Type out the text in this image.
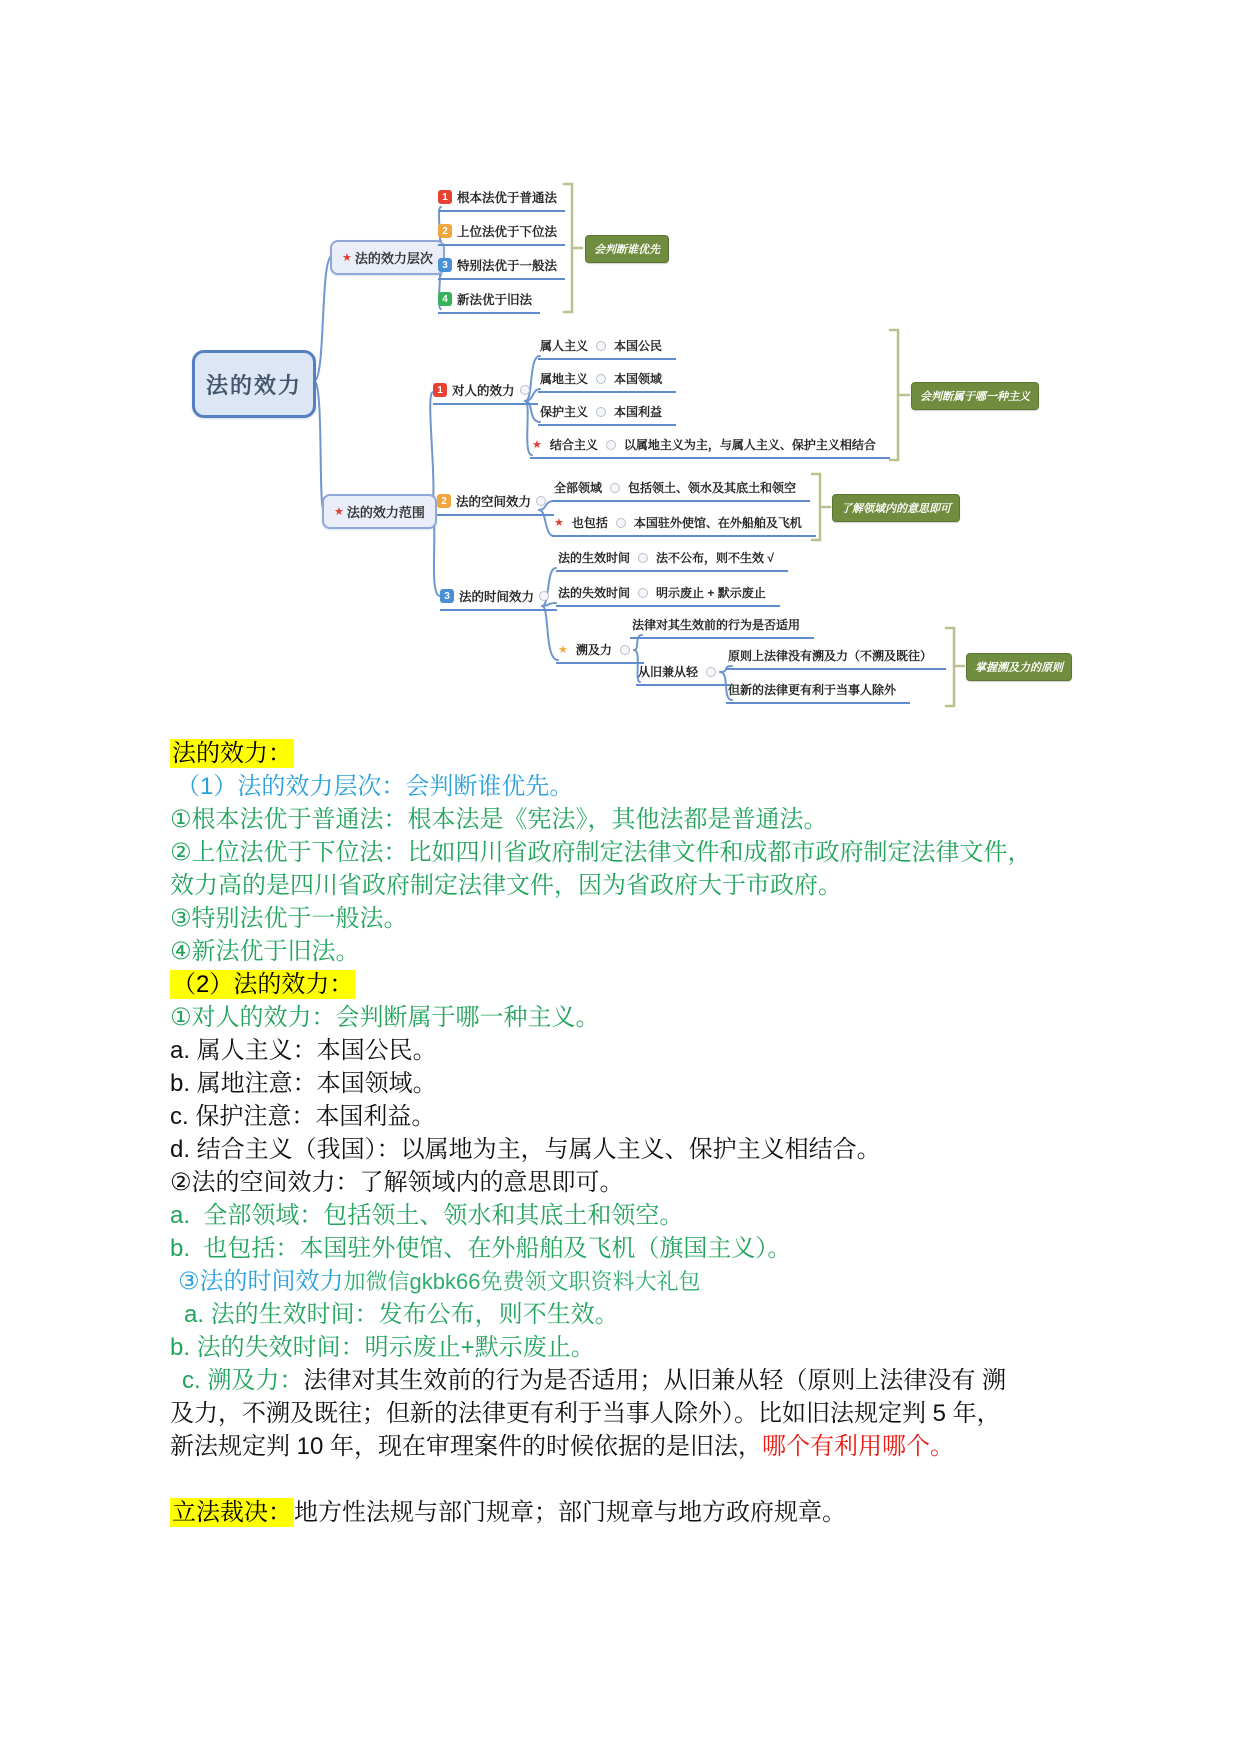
法的效力
★ 法的效力层次
1 根本法优于普通法
2 上位法优于下位法
3 特别法优于一般法
4 新法优于旧法
会判断谁优先
★ 法的效力范围
1 对人的效力
属人主义 本国公民
属地主义 本国领域
保护主义 本国利益
★ 结合主义 以属地主义为主，与属人主义、保护主义相结合
会判断属于哪一种主义
2 法的空间效力
全部领域 包括领土、领水及其底土和领空
★ 也包括 本国驻外使馆、在外船舶及飞机
了解领域内的意思即可
3 法的时间效力
法的生效时间 法不公布，则不生效 √
法的失效时间 明示废止 + 默示废止
★ 溯及力
法律对其生效前的行为是否适用
从旧兼从轻
原则上法律没有溯及力（不溯及既往）
但新的法律更有利于当事人除外
掌握溯及力的原则
法的效力：
（1）法的效力层次：会判断谁优先。
①根本法优于普通法：根本法是《宪法》，其他法都是普通法。
②上位法优于下位法：比如四川省政府制定法律文件和成都市政府制定法律文件，
效力高的是四川省政府制定法律文件，因为省政府大于市政府。
③特别法优于一般法。
④新法优于旧法。
（2）法的效力：
①对人的效力：会判断属于哪一种主义。
a. 属人主义：本国公民。
b. 属地注意：本国领域。
c. 保护注意：本国利益。
d. 结合主义（我国）：以属地为主，与属人主义、保护主义相结合。
②法的空间效力：了解领域内的意思即可。
a.  全部领域：包括领土、领水和其底土和领空。
b.  也包括：本国驻外使馆、在外船舶及飞机（旗国主义）。
③法的时间效力加微信gkbk66免费领文职资料大礼包
a. 法的生效时间：发布公布，则不生效。
b. 法的失效时间：明示废止+默示废止。
c. 溯及力：法律对其生效前的行为是否适用；从旧兼从轻（原则上法律没有 溯
及力，不溯及既往；但新的法律更有利于当事人除外）。比如旧法规定判 5 年，
新法规定判 10 年，现在审理案件的时候依据的是旧法，哪个有利用哪个。
立法裁决：地方性法规与部门规章；部门规章与地方政府规章。
